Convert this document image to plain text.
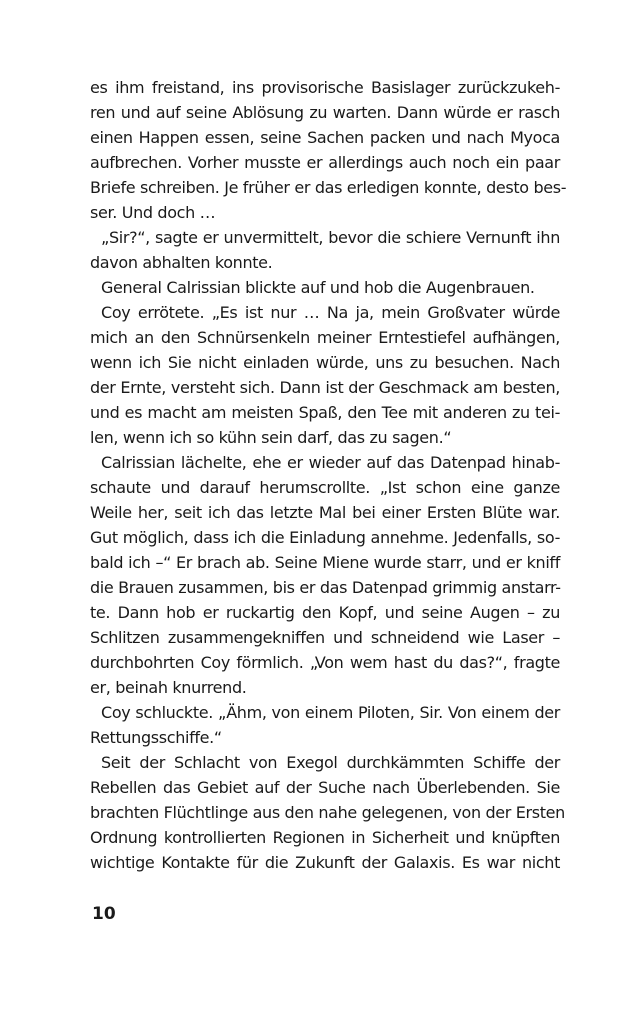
es ihm freistand, ins provisorische Basislager zurückzukeh-
ren und auf seine Ablösung zu warten. Dann würde er rasch
einen Happen essen, seine Sachen packen und nach Myoca
aufbrechen. Vorher musste er allerdings auch noch ein paar
Briefe schreiben. Je früher er das erledigen konnte, desto bes-
ser. Und doch …
„Sir?“, sagte er unvermittelt, bevor die schiere Vernunft ihn
davon abhalten konnte.
General Calrissian blickte auf und hob die Augenbrauen.
Coy errötete. „Es ist nur … Na ja, mein Großvater würde
mich an den Schnürsenkeln meiner Erntestiefel aufhängen,
wenn ich Sie nicht einladen würde, uns zu besuchen. Nach
der Ernte, versteht sich. Dann ist der Geschmack am besten,
und es macht am meisten Spaß, den Tee mit anderen zu tei-
len, wenn ich so kühn sein darf, das zu sagen.“
Calrissian lächelte, ehe er wieder auf das Datenpad hinab-
schaute und darauf herumscrollte. „Ist schon eine ganze
Weile her, seit ich das letzte Mal bei einer Ersten Blüte war.
Gut möglich, dass ich die Einladung annehme. Jedenfalls, so-
bald ich –“ Er brach ab. Seine Miene wurde starr, und er kniff
die Brauen zusammen, bis er das Datenpad grimmig anstarr-
te. Dann hob er ruckartig den Kopf, und seine Augen – zu
Schlitzen zusammengekniffen und schneidend wie Laser –
durchbohrten Coy förmlich. „Von wem hast du das?“, fragte
er, beinah knurrend.
Coy schluckte. „Ähm, von einem Piloten, Sir. Von einem der
Rettungsschiffe.“
Seit der Schlacht von Exegol durchkämmten Schiffe der
Rebellen das Gebiet auf der Suche nach Überlebenden. Sie
brachten Flüchtlinge aus den nahe gelegenen, von der Ersten
Ordnung kontrollierten Regionen in Sicherheit und knüpften
wichtige Kontakte für die Zukunft der Galaxis. Es war nicht
10
